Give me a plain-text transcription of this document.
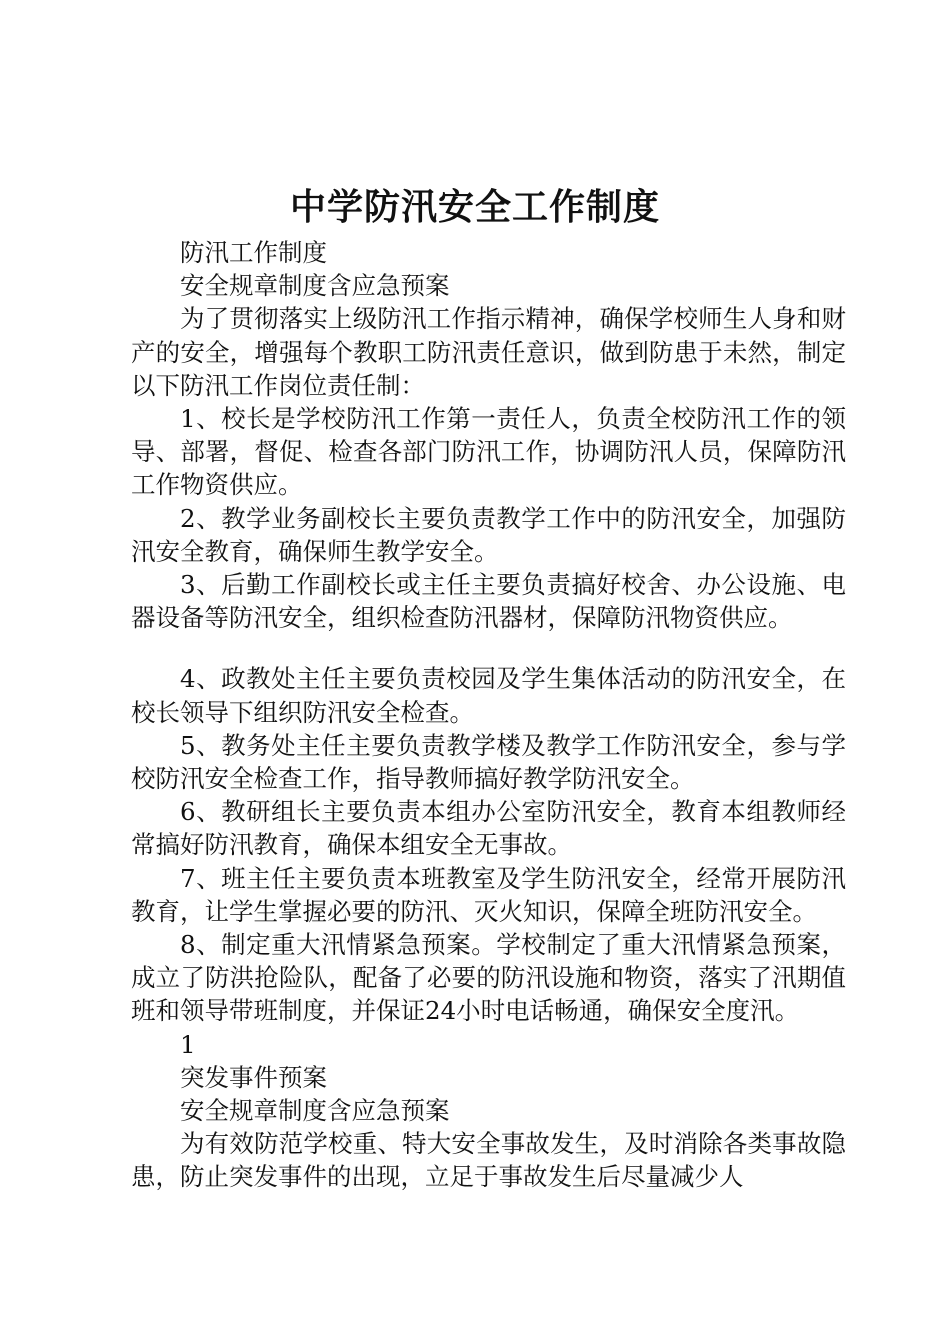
中学防汛安全工作制度

防汛工作制度

安全规章制度含应急预案

为了贯彻落实上级防汛工作指示精神，确保学校师生人身和财产的安全，增强每个教职工防汛责任意识，做到防患于未然，制定以下防汛工作岗位责任制：

1、校长是学校防汛工作第一责任人，负责全校防汛工作的领导、部署，督促、检查各部门防汛工作，协调防汛人员，保障防汛工作物资供应。

2、教学业务副校长主要负责教学工作中的防汛安全，加强防汛安全教育，确保师生教学安全。

3、后勤工作副校长或主任主要负责搞好校舍、办公设施、电器设备等防汛安全，组织检查防汛器材，保障防汛物资供应。

4、政教处主任主要负责校园及学生集体活动的防汛安全，在校长领导下组织防汛安全检查。

5、教务处主任主要负责教学楼及教学工作防汛安全，参与学校防汛安全检查工作，指导教师搞好教学防汛安全。

6、教研组长主要负责本组办公室防汛安全，教育本组教师经常搞好防汛教育，确保本组安全无事故。

7、班主任主要负责本班教室及学生防汛安全，经常开展防汛教育，让学生掌握必要的防汛、灭火知识，保障全班防汛安全。

8、制定重大汛情紧急预案。学校制定了重大汛情紧急预案，成立了防洪抢险队，配备了必要的防汛设施和物资，落实了汛期值班和领导带班制度，并保证24小时电话畅通，确保安全度汛。

1

突发事件预案

安全规章制度含应急预案

为有效防范学校重、特大安全事故发生，及时消除各类事故隐患，防止突发事件的出现，立足于事故发生后尽量减少人
